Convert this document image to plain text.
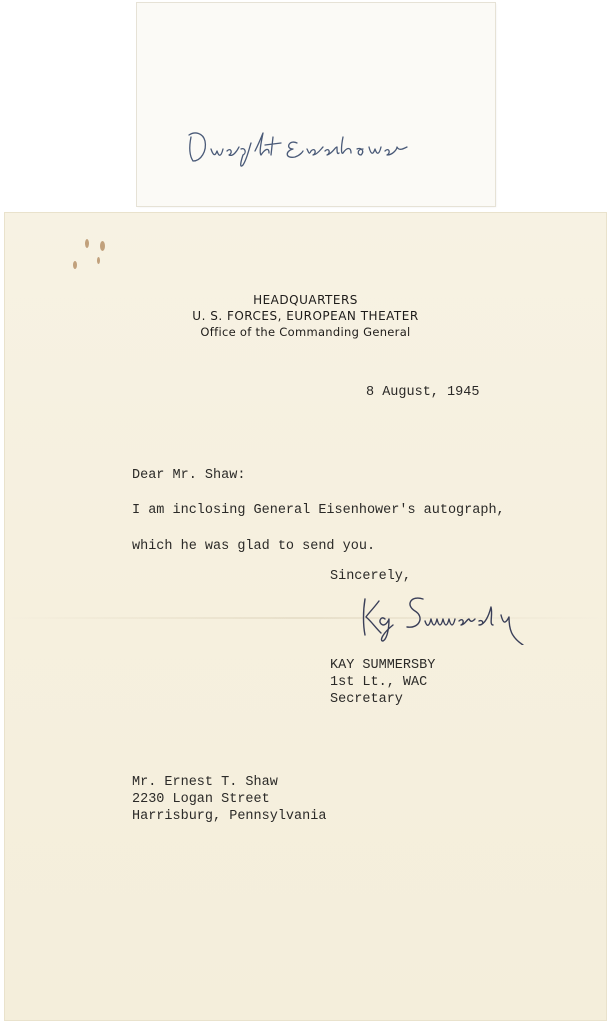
HEADQUARTERS
U. S. FORCES, EUROPEAN THEATER
Office of the Commanding General
8 August, 1945
Dear Mr. Shaw:
I am inclosing General Eisenhower's autograph,
which he was glad to send you.
Sincerely,
KAY SUMMERSBY
1st Lt., WAC
Secretary
Mr. Ernest T. Shaw
2230 Logan Street
Harrisburg, Pennsylvania
